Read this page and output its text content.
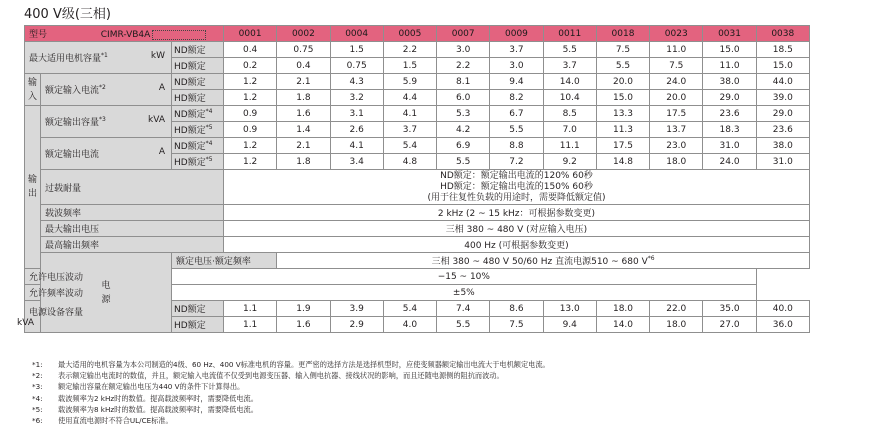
400 V级(三相)
型号 CIMR-VB4A			0001	0002	0004	0005	0007	0009	0011	0018	0023	0031	0038
最大适用电机容量$^{*1}$ kW		ND额定	0.4	0.75	1.5	2.2	3.0	3.7	5.5	7.5	11.0	15.0	18.5
		HD额定	0.2	0.4	0.75	1.5	2.2	3.0	3.7	5.5	7.5	11.0	15.0
输
入	额定输入电流$^{*2}$ A	ND额定	1.2	2.1	4.3	5.9	8.1	9.4	14.0	20.0	24.0	38.0	44.0
		HD额定	1.2	1.8	3.2	4.4	6.0	8.2	10.4	15.0	20.0	29.0	39.0
输
出	额定输出容量$^{*3}$ kVA	ND额定$^{*4}$	0.9	1.6	3.1	4.1	5.3	6.7	8.5	13.3	17.5	23.6	29.0
		HD额定$^{*5}$	0.9	1.4	2.6	3.7	4.2	5.5	7.0	11.3	13.7	18.3	23.6
	额定输出电流 A	ND额定$^{*4}$	1.2	2.1	4.1	5.4	6.9	8.8	11.1	17.5	23.0	31.0	38.0
		HD额定$^{*5}$	1.2	1.8	3.4	4.8	5.5	7.2	9.2	14.8	18.0	24.0	31.0
	过载耐量		ND额定：额定输出电流的120% 60秒
HD额定：额定输出电流的150% 60秒
(用于往复性负载的用途时，需要降低额定值)										
	载波频率		2 kHz (2 ~ 15 kHz：可根据参数变更)										
	最大输出电压		三相 380 ~ 480 V (对应输入电压)										
	最高输出频率		400 Hz (可根据参数变更)										
	电
源	额定电压·额定频率		三相 380 ~ 480 V 50/60 Hz 直流电源510 ~ 680 $V^{*6}$
允许电压波动		−15 ~ 10%											
允许频率波动		±5%											
电源设备容量
kVA		ND额定	1.1	1.9	3.9	5.4	7.4	8.6	13.0	18.0	22.0	35.0	40.0
		HD额定	1.1	1.6	2.9	4.0	5.5	7.5	9.4	14.0	18.0	27.0	36.0
*1:	最大适用的电机容量为本公司制造的4级、60 Hz、400 V标准电机的容量。更严密的选择方法是选择机型时，应使变频器额定输出电流大于电机额定电流。
*2:	表示额定输出电流时的数值，并且，额定输入电流值不仅受到电源变压器、输入侧电抗器、接线状况的影响，而且还随电源侧的阻抗而波动。
*3:	额定输出容量在额定输出电压为440 V的条件下计算得出。
*4:	载波频率为2 kHz时的数值。提高载波频率时，需要降低电流。
*5:	载波频率为8 kHz时的数值。提高载波频率时，需要降低电流。
*6:	使用直流电源时不符合UL/CE标准。
